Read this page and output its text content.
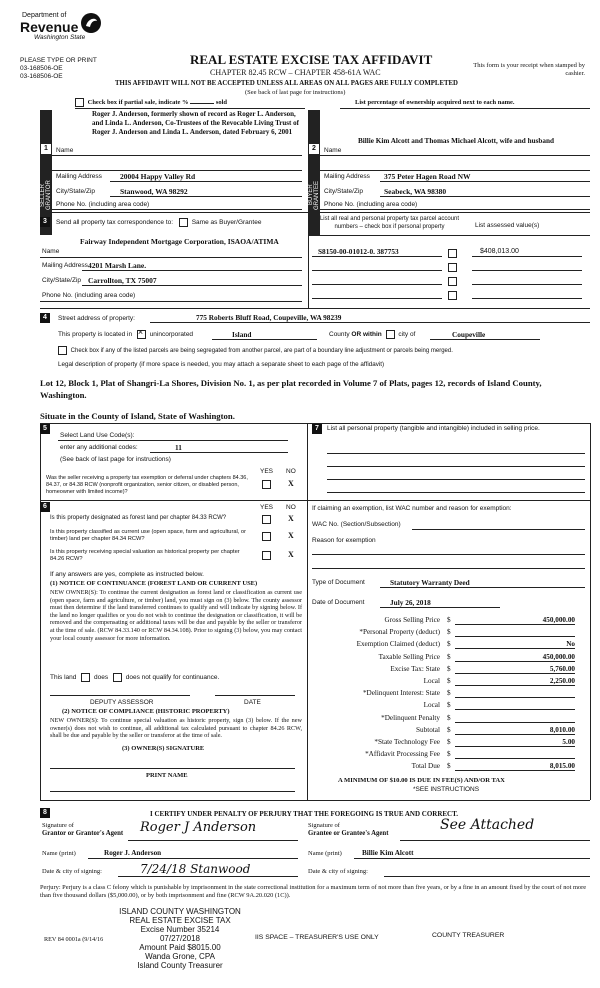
Department of
Revenue
Washington State
PLEASE TYPE OR PRINT
03-168506-OE
03-168506-OE
REAL ESTATE EXCISE TAX AFFIDAVIT
CHAPTER 82.45 RCW – CHAPTER 458-61A WAC
This form is your receipt when stamped by cashier.
THIS AFFIDAVIT WILL NOT BE ACCEPTED UNLESS ALL AREAS ON ALL PAGES ARE FULLY COMPLETED
(See back of last page for instructions)
Check box if partial sale, indicate %	sold	List percentage of ownership acquired next to each name.
1
SELLER GRANTOR
Roger J. Anderson, formerly shown of record as Roger L. Anderson, and Linda L. Anderson, Co-Trustees of the Revocable Living Trust of Roger J. Anderson and Linda L. Anderson, dated February 6, 2001
Name
Mailing Address 20004 Happy Valley Rd
City/State/Zip	Stanwood, WA 98292
Phone No. (including area code)
2
BUYER GRANTEE
Billie Kim Alcott and Thomas Michael Alcott, wife and husband
Name
Mailing Address 375 Peter Hagen Road NW
City/State/Zip	Seabeck, WA 98380
Phone No. (including area code)
3	Send all property tax correspondence to:	Same as Buyer/Grantee
Fairway Independent Mortgage Corporation, ISAOA/ATIMA
Name
Mailing Address 4201 Marsh Lane.
City/State/Zip Carrollton, TX 75007
Phone No. (including area code)
List all real and personal property tax parcel account numbers – check box if personal property	List assessed value(s)
S8150-00-01012-0. 387753	$408,013.00
4	Street address of property:	775 Roberts Bluff Road, Coupeville, WA 98239
This property is located in ×	unincorporated	Island	County OR within	city of	Coupeville
Check box if any of the listed parcels are being segregated from another parcel, are part of a boundary line adjustment or parcels being merged.
Legal description of property (if more space is needed, you may attach a separate sheet to each page of the affidavit)
Lot 12, Block 1, Plat of Shangri-La Shores, Division No. 1, as per plat recorded in Volume 7 of Plats, pages 12, records of Island County, Washington.
Situate in the County of Island, State of Washington.
5
Select Land Use Code(s):
enter any additional codes:	11
(See back of last page for instructions)
YES NO
Was the seller receiving a property tax exemption or deferral under chapters 84.36, 84.37, or 84.38 RCW (nonprofit organization, senior citizen, or disabled person, homeowner with limited income)?
X
6	YES NO
Is this property designated as forest land per chapter 84.33 RCW?	X
Is this property classified as current use (open space, farm and agricultural, or timber) land per chapter 84.34 RCW?	X
Is this property receiving special valuation as historical property per chapter 84.26 RCW?	X
If any answers are yes, complete as instructed below.
(1) NOTICE OF CONTINUANCE (FOREST LAND OR CURRENT USE)
NEW OWNER(S): To continue the current designation as forest land or classification as current use (open space, farm and agriculture, or timber) land, you must sign on (3) below. The county assessor must then determine if the land transferred continues to qualify and will indicate by signing below. If the land no longer qualifies or you do not wish to continue the designation or classification, it will be removed and the compensating or additional taxes will be due and payable by the seller or transferor at the time of sale. (RCW 84.33.140 or RCW 84.34.108). Prior to signing (3) below, you may contact your local county assessor for more information.
This land	does	does not qualify for continuance.
DEPUTY ASSESSOR	DATE
(2) NOTICE OF COMPLIANCE (HISTORIC PROPERTY)
NEW OWNER(S): To continue special valuation as historic property, sign (3) below. If the new owner(s) does not wish to continue, all additional tax calculated pursuant to chapter 84.26 RCW, shall be due and payable by the seller or transferor at the time of sale.
(3) OWNER(S) SIGNATURE
PRINT NAME
7	List all personal property (tangible and intangible) included in selling price.
If claiming an exemption, list WAC number and reason for exemption:
WAC No. (Section/Subsection)
Reason for exemption
Type of Document	Statutory Warranty Deed
Date of Document	July 26, 2018
Gross Selling Price $	450,000.00
*Personal Property (deduct) $

Exemption Claimed (deduct) $	No
Taxable Selling Price $	450,000.00
Excise Tax: State $	5,760.00
Local $	2,250.00
*Delinquent Interest: State $

Local $

*Delinquent Penalty $

Subtotal $	8,010.00
*State Technology Fee $	5.00
*Affidavit Processing Fee $

Total Due $	8,015.00
A MINIMUM OF $10.00 IS DUE IN FEE(S) AND/OR TAX
*SEE INSTRUCTIONS
8	I CERTIFY UNDER PENALTY OF PERJURY THAT THE FOREGOING IS TRUE AND CORRECT.
Signature of
Grantor or Grantor's Agent Roger J Anderson
Name (print)	Roger J. Anderson
Date & city of signing:	7/24/18 Stanwood
Signature of
Grantee or Grantee's Agent
See Attached
Name (print)	Billie Kim Alcott
Date & city of signing:
Perjury: Perjury is a class C felony which is punishable by imprisonment in the state correctional institution for a maximum term of not more than five years, or by a fine in an amount fixed by the court of not more than five thousand dollars ($5,000.00), or by both imprisonment and fine (RCW 9A.20.020 (1C)).
ISLAND COUNTY WASHINGTON
REAL ESTATE EXCISE TAX
Excise Number 35214
07/27/2018
Amount Paid $8015.00
Wanda Grone, CPA
Island County Treasurer
REV 84 0001a (9/14/16	IIS SPACE – TREASURER'S USE ONLY	COUNTY TREASURER
